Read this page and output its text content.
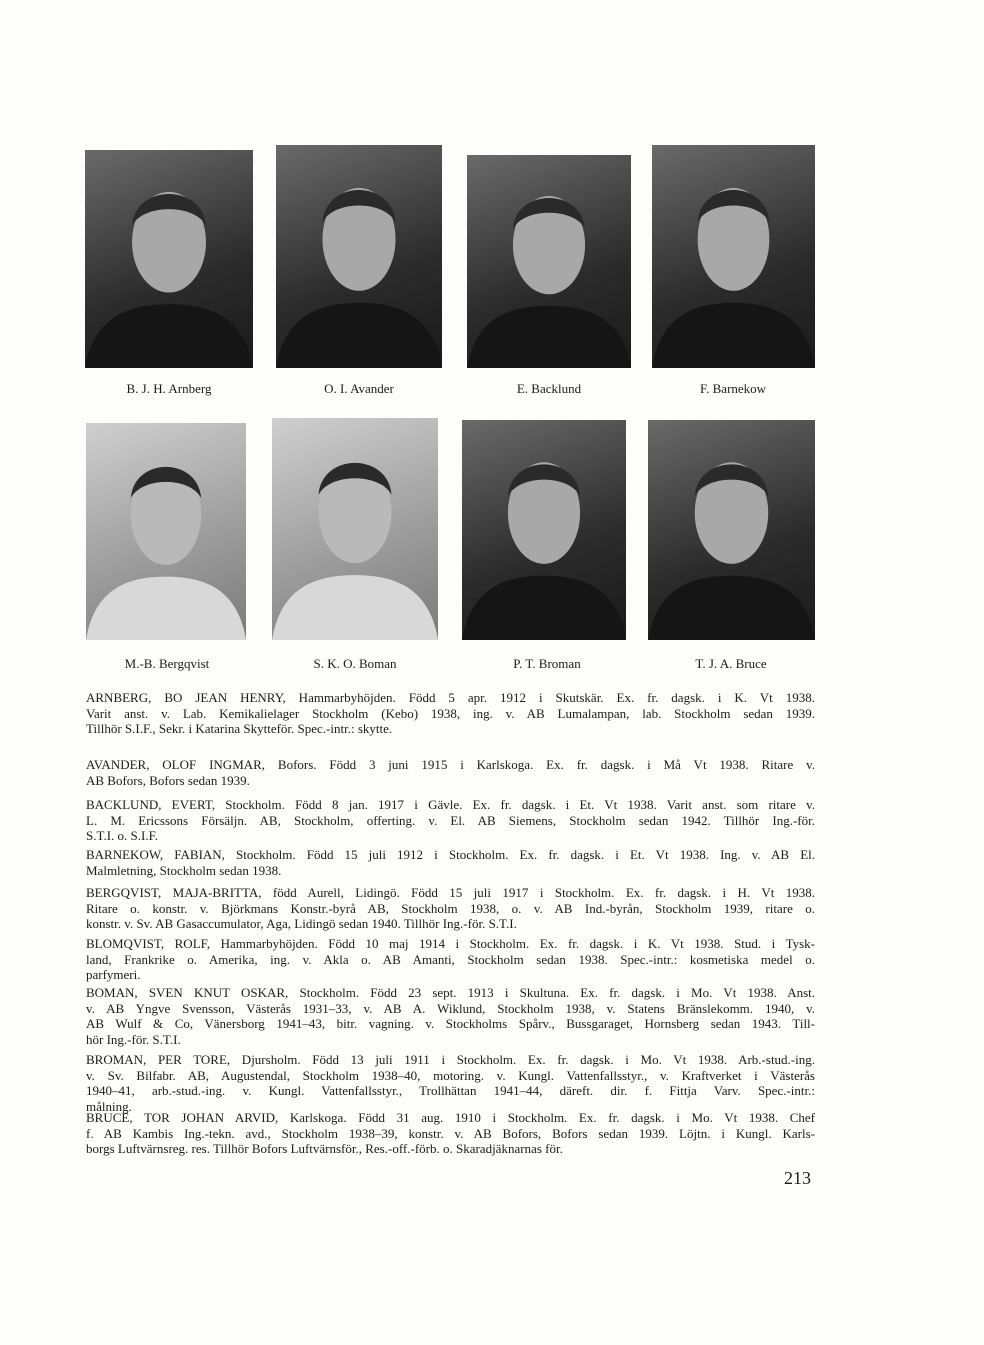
B. J. H. Arnberg	O. I. Avander	E. Backlund	F. Barnekow
M.-B. Bergqvist	S. K. O. Boman	P. T. Broman	T. J. A. Bruce
ARNBERG, BO JEAN HENRY, Hammarbyhöjden. Född 5 apr. 1912 i Skutskär. Ex. fr. dagsk. i K. Vt 1938.
Varit anst. v. Lab. Kemikalielager Stockholm (Kebo) 1938, ing. v. AB Lumalampan, lab. Stockholm sedan 1939.
Tillhör S.I.F., Sekr. i Katarina Skytteför. Spec.-intr.: skytte.
AVANDER, OLOF INGMAR, Bofors. Född 3 juni 1915 i Karlskoga. Ex. fr. dagsk. i Må Vt 1938. Ritare v.
AB Bofors, Bofors sedan 1939.
BACKLUND, EVERT, Stockholm. Född 8 jan. 1917 i Gävle. Ex. fr. dagsk. i Et. Vt 1938. Varit anst. som ritare v.
L. M. Ericssons Försäljn. AB, Stockholm, offerting. v. El. AB Siemens, Stockholm sedan 1942. Tillhör Ing.-för.
S.T.I. o. S.I.F.
BARNEKOW, FABIAN, Stockholm. Född 15 juli 1912 i Stockholm. Ex. fr. dagsk. i Et. Vt 1938. Ing. v. AB El.
Malmletning, Stockholm sedan 1938.
BERGQVIST, MAJA-BRITTA, född Aurell, Lidingö. Född 15 juli 1917 i Stockholm. Ex. fr. dagsk. i H. Vt 1938.
Ritare o. konstr. v. Björkmans Konstr.-byrå AB, Stockholm 1938, o. v. AB Ind.-byrån, Stockholm 1939, ritare o.
konstr. v. Sv. AB Gasaccumulator, Aga, Lidingö sedan 1940. Tillhör Ing.-för. S.T.I.
BLOMQVIST, ROLF, Hammarbyhöjden. Född 10 maj 1914 i Stockholm. Ex. fr. dagsk. i K. Vt 1938. Stud. i Tysk-
land, Frankrike o. Amerika, ing. v. Akla o. AB Amanti, Stockholm sedan 1938. Spec.-intr.: kosmetiska medel o.
parfymeri.
BOMAN, SVEN KNUT OSKAR, Stockholm. Född 23 sept. 1913 i Skultuna. Ex. fr. dagsk. i Mo. Vt 1938. Anst.
v. AB Yngve Svensson, Västerås 1931–33, v. AB A. Wiklund, Stockholm 1938, v. Statens Bränslekomm. 1940, v.
AB Wulf & Co, Vänersborg 1941–43, bitr. vagning. v. Stockholms Spårv., Bussgaraget, Hornsberg sedan 1943. Till-
hör Ing.-för. S.T.I.
BROMAN, PER TORE, Djursholm. Född 13 juli 1911 i Stockholm. Ex. fr. dagsk. i Mo. Vt 1938. Arb.-stud.-ing.
v. Sv. Bilfabr. AB, Augustendal, Stockholm 1938–40, motoring. v. Kungl. Vattenfallsstyr., v. Kraftverket i Västerås
1940–41, arb.-stud.-ing. v. Kungl. Vattenfallsstyr., Trollhättan 1941–44, däreft. dir. f. Fittja Varv. Spec.-intr.:
målning.
BRUCE, TOR JOHAN ARVID, Karlskoga. Född 31 aug. 1910 i Stockholm. Ex. fr. dagsk. i Mo. Vt 1938. Chef
f. AB Kambis Ing.-tekn. avd., Stockholm 1938–39, konstr. v. AB Bofors, Bofors sedan 1939. Löjtn. i Kungl. Karls-
borgs Luftvärnsreg. res. Tillhör Bofors Luftvärnsför., Res.-off.-förb. o. Skaradjäknarnas för.
213
